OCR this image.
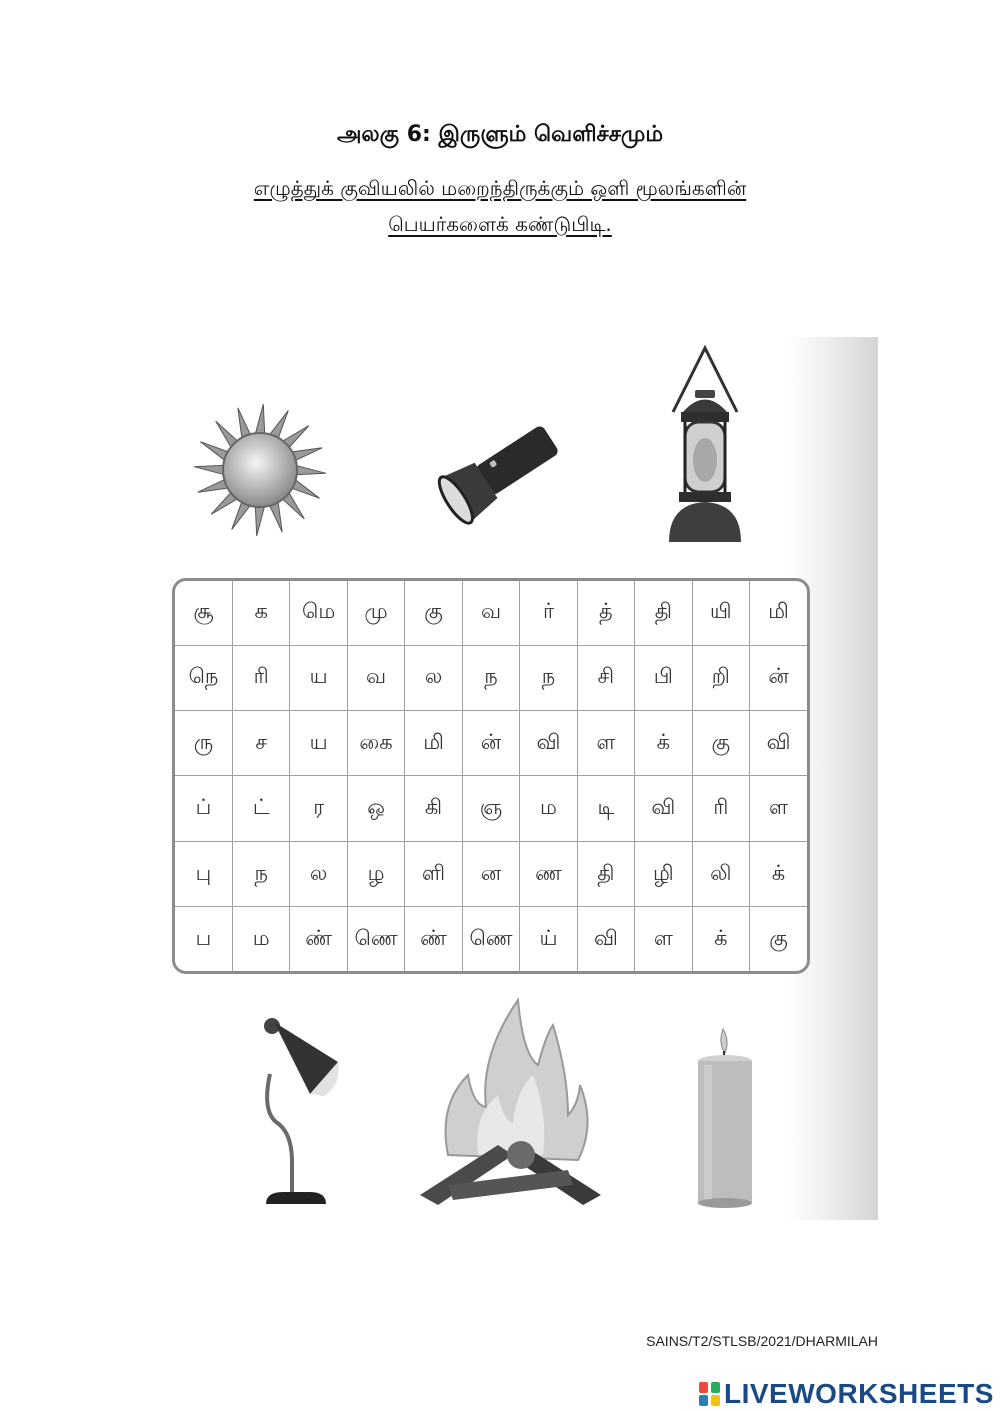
அலகு 6: இருளும் வெளிச்சமும்
எழுத்துக் குவியலில் மறைந்திருக்கும் ஒளி மூலங்களின்
பெயர்களைக் கண்டுபிடி.
சூ	க	மெ	மு	கு	வ	ர்	த்	தி	யி	மி
நெ	ரி	ய	வ	ல	ந	ந	சி	பி	றி	ன்
ரு	ச	ய	கை	மி	ன்	வி	ள	க்	கு	வி
ப்	ட்	ர	ஒ	கி	ஞ	ம	டி	வி	ரி	ள
பு	ந	ல	ழ	ளி	ன	ண	தி	ழி	லி	க்
ப	ம	ண்	ணெ	ண்	ணெ	ய்	வி	ள	க்	கு
SAINS/T2/STLSB/2021/DHARMILAH
LIVEWORKSHEETS
